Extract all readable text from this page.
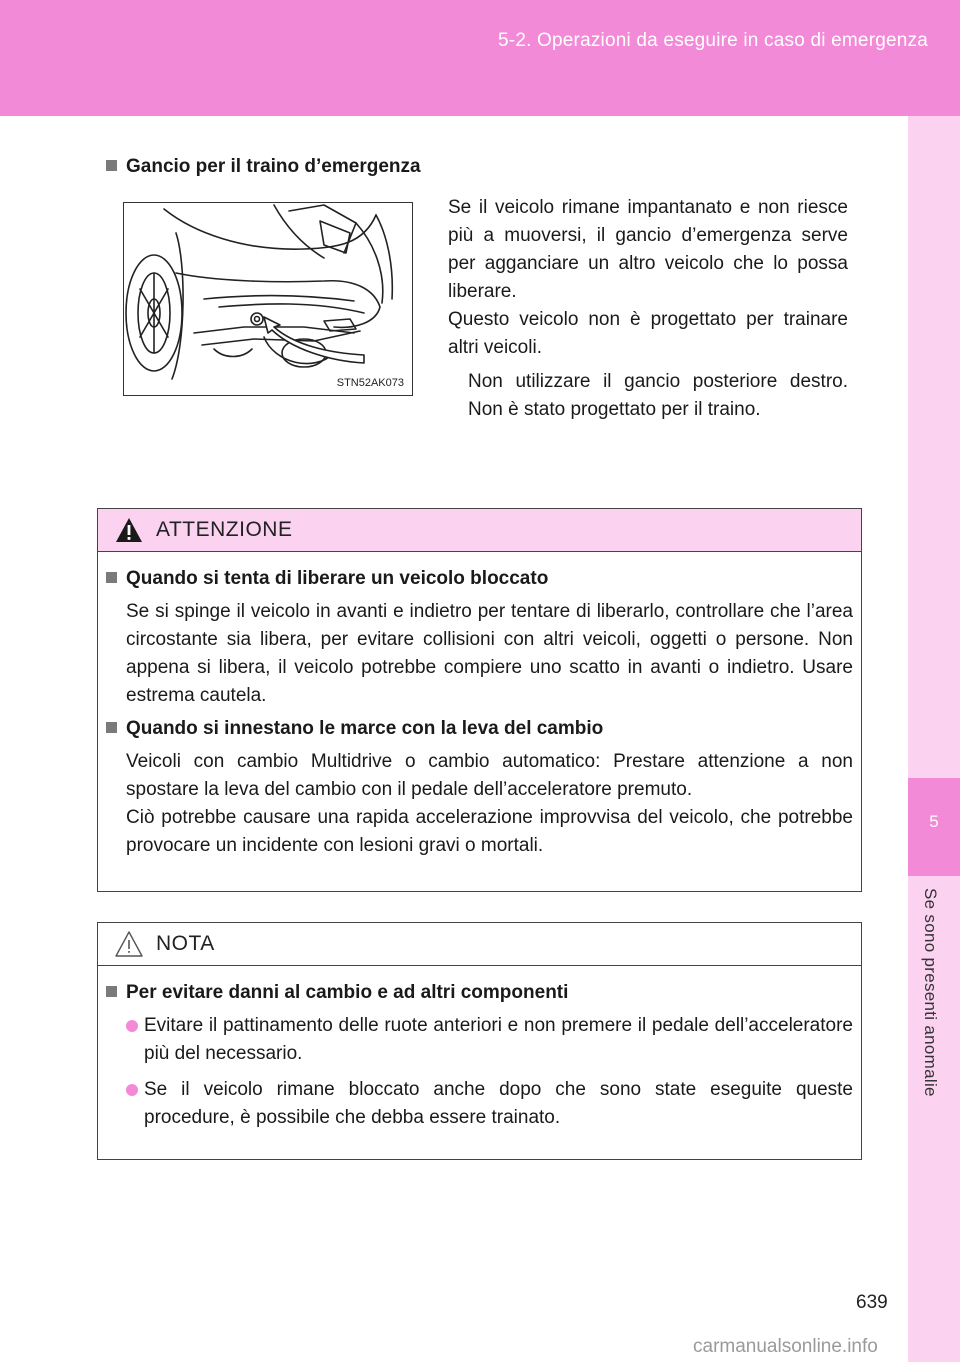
5-2. Operazioni da eseguire in caso di emergenza
5
Se sono presenti anomalie
Gancio per il traino d’emergenza
STN52AK073

Se il veicolo rimane impantanato e non riesce più a muoversi, il gancio d’emergenza serve per agganciare un altro veicolo che lo possa liberare.

Questo veicolo non è progettato per trainare altri veicoli.

Non utilizzare il gancio posteriore destro. Non è stato progettato per il traino.
ATTENZIONE
Quando si tenta di liberare un veicolo bloccato

Se si spinge il veicolo in avanti e indietro per tentare di liberarlo, controllare che l’area circostante sia libera, per evitare collisioni con altri veicoli, oggetti o persone. Non appena si libera, il veicolo potrebbe compiere uno scatto in avanti o indietro. Usare estrema cautela.

Quando si innestano le marce con la leva del cambio

Veicoli con cambio Multidrive o cambio automatico: Prestare attenzione a non spostare la leva del cambio con il pedale dell’acceleratore premuto.

Ciò potrebbe causare una rapida accelerazione improvvisa del veicolo, che potrebbe provocare un incidente con lesioni gravi o mortali.

NOTA
Per evitare danni al cambio e ad altri componenti
Evitare il pattinamento delle ruote anteriori e non premere il pedale dell’acceleratore più del necessario.
Se il veicolo rimane bloccato anche dopo che sono state eseguite queste procedure, è possibile che debba essere trainato.
639
carmanualsonline.info
